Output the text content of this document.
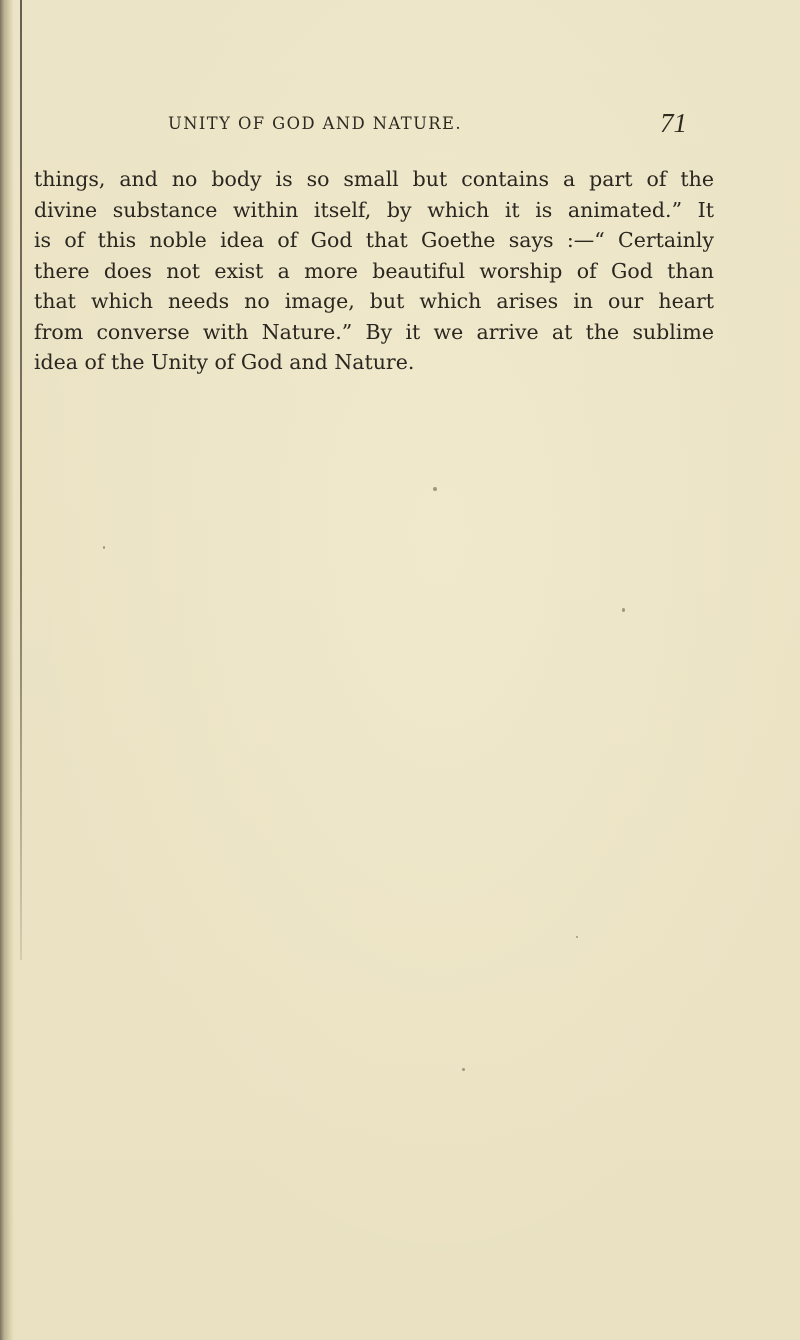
UNITY OF GOD AND NATURE.	71
things, and no body is so small but contains a part of the
divine substance within itself, by which it is animated.” It
is of this noble idea of God that Goethe says :—“ Certainly
there does not exist a more beautiful worship of God than
that which needs no image, but which arises in our heart
from converse with Nature.” By it we arrive at the sublime
idea of the Unity of God and Nature.
